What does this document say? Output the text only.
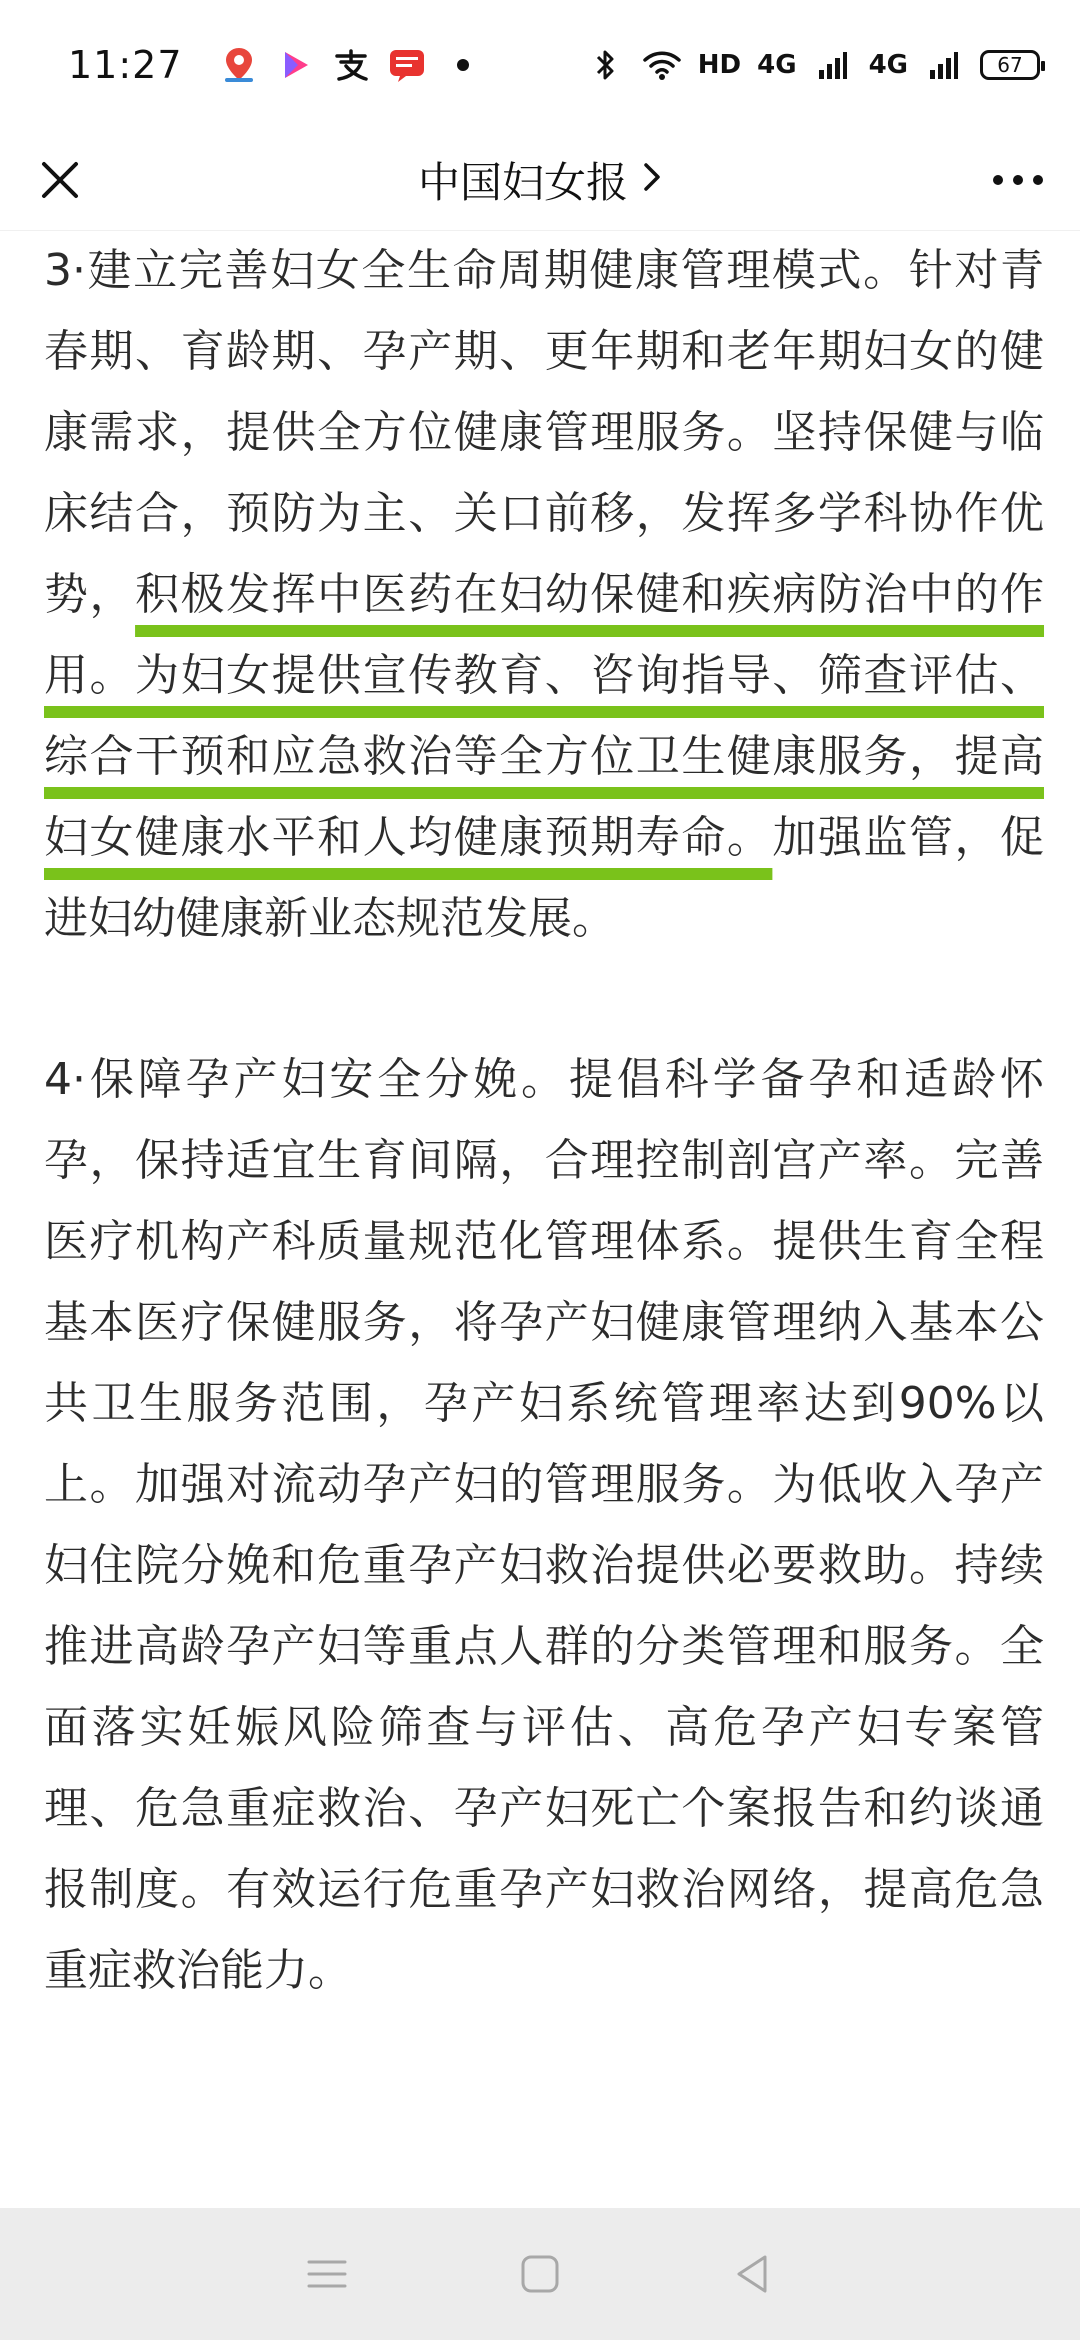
11:27	HD 4G	4G	67
中国妇女报

3·建立完善妇女全生命周期健康管理模式。针对青春期、育龄期、孕产期、更年期和老年期妇女的健康需求，提供全方位健康管理服务。坚持保健与临床结合，预防为主、关口前移，发挥多学科协作优势，积极发挥中医药在妇幼保健和疾病防治中的作用。为妇女提供宣传教育、咨询指导、筛查评估、综合干预和应急救治等全方位卫生健康服务，提高妇女健康水平和人均健康预期寿命。加强监管，促进妇幼健康新业态规范发展。

4·保障孕产妇安全分娩。提倡科学备孕和适龄怀孕，保持适宜生育间隔，合理控制剖宫产率。完善医疗机构产科质量规范化管理体系。提供生育全程基本医疗保健服务，将孕产妇健康管理纳入基本公共卫生服务范围，孕产妇系统管理率达到90%以上。加强对流动孕产妇的管理服务。为低收入孕产妇住院分娩和危重孕产妇救治提供必要救助。持续推进高龄孕产妇等重点人群的分类管理和服务。全面落实妊娠风险筛查与评估、高危孕产妇专案管理、危急重症救治、孕产妇死亡个案报告和约谈通报制度。有效运行危重孕产妇救治网络，提高危急重症救治能力。
